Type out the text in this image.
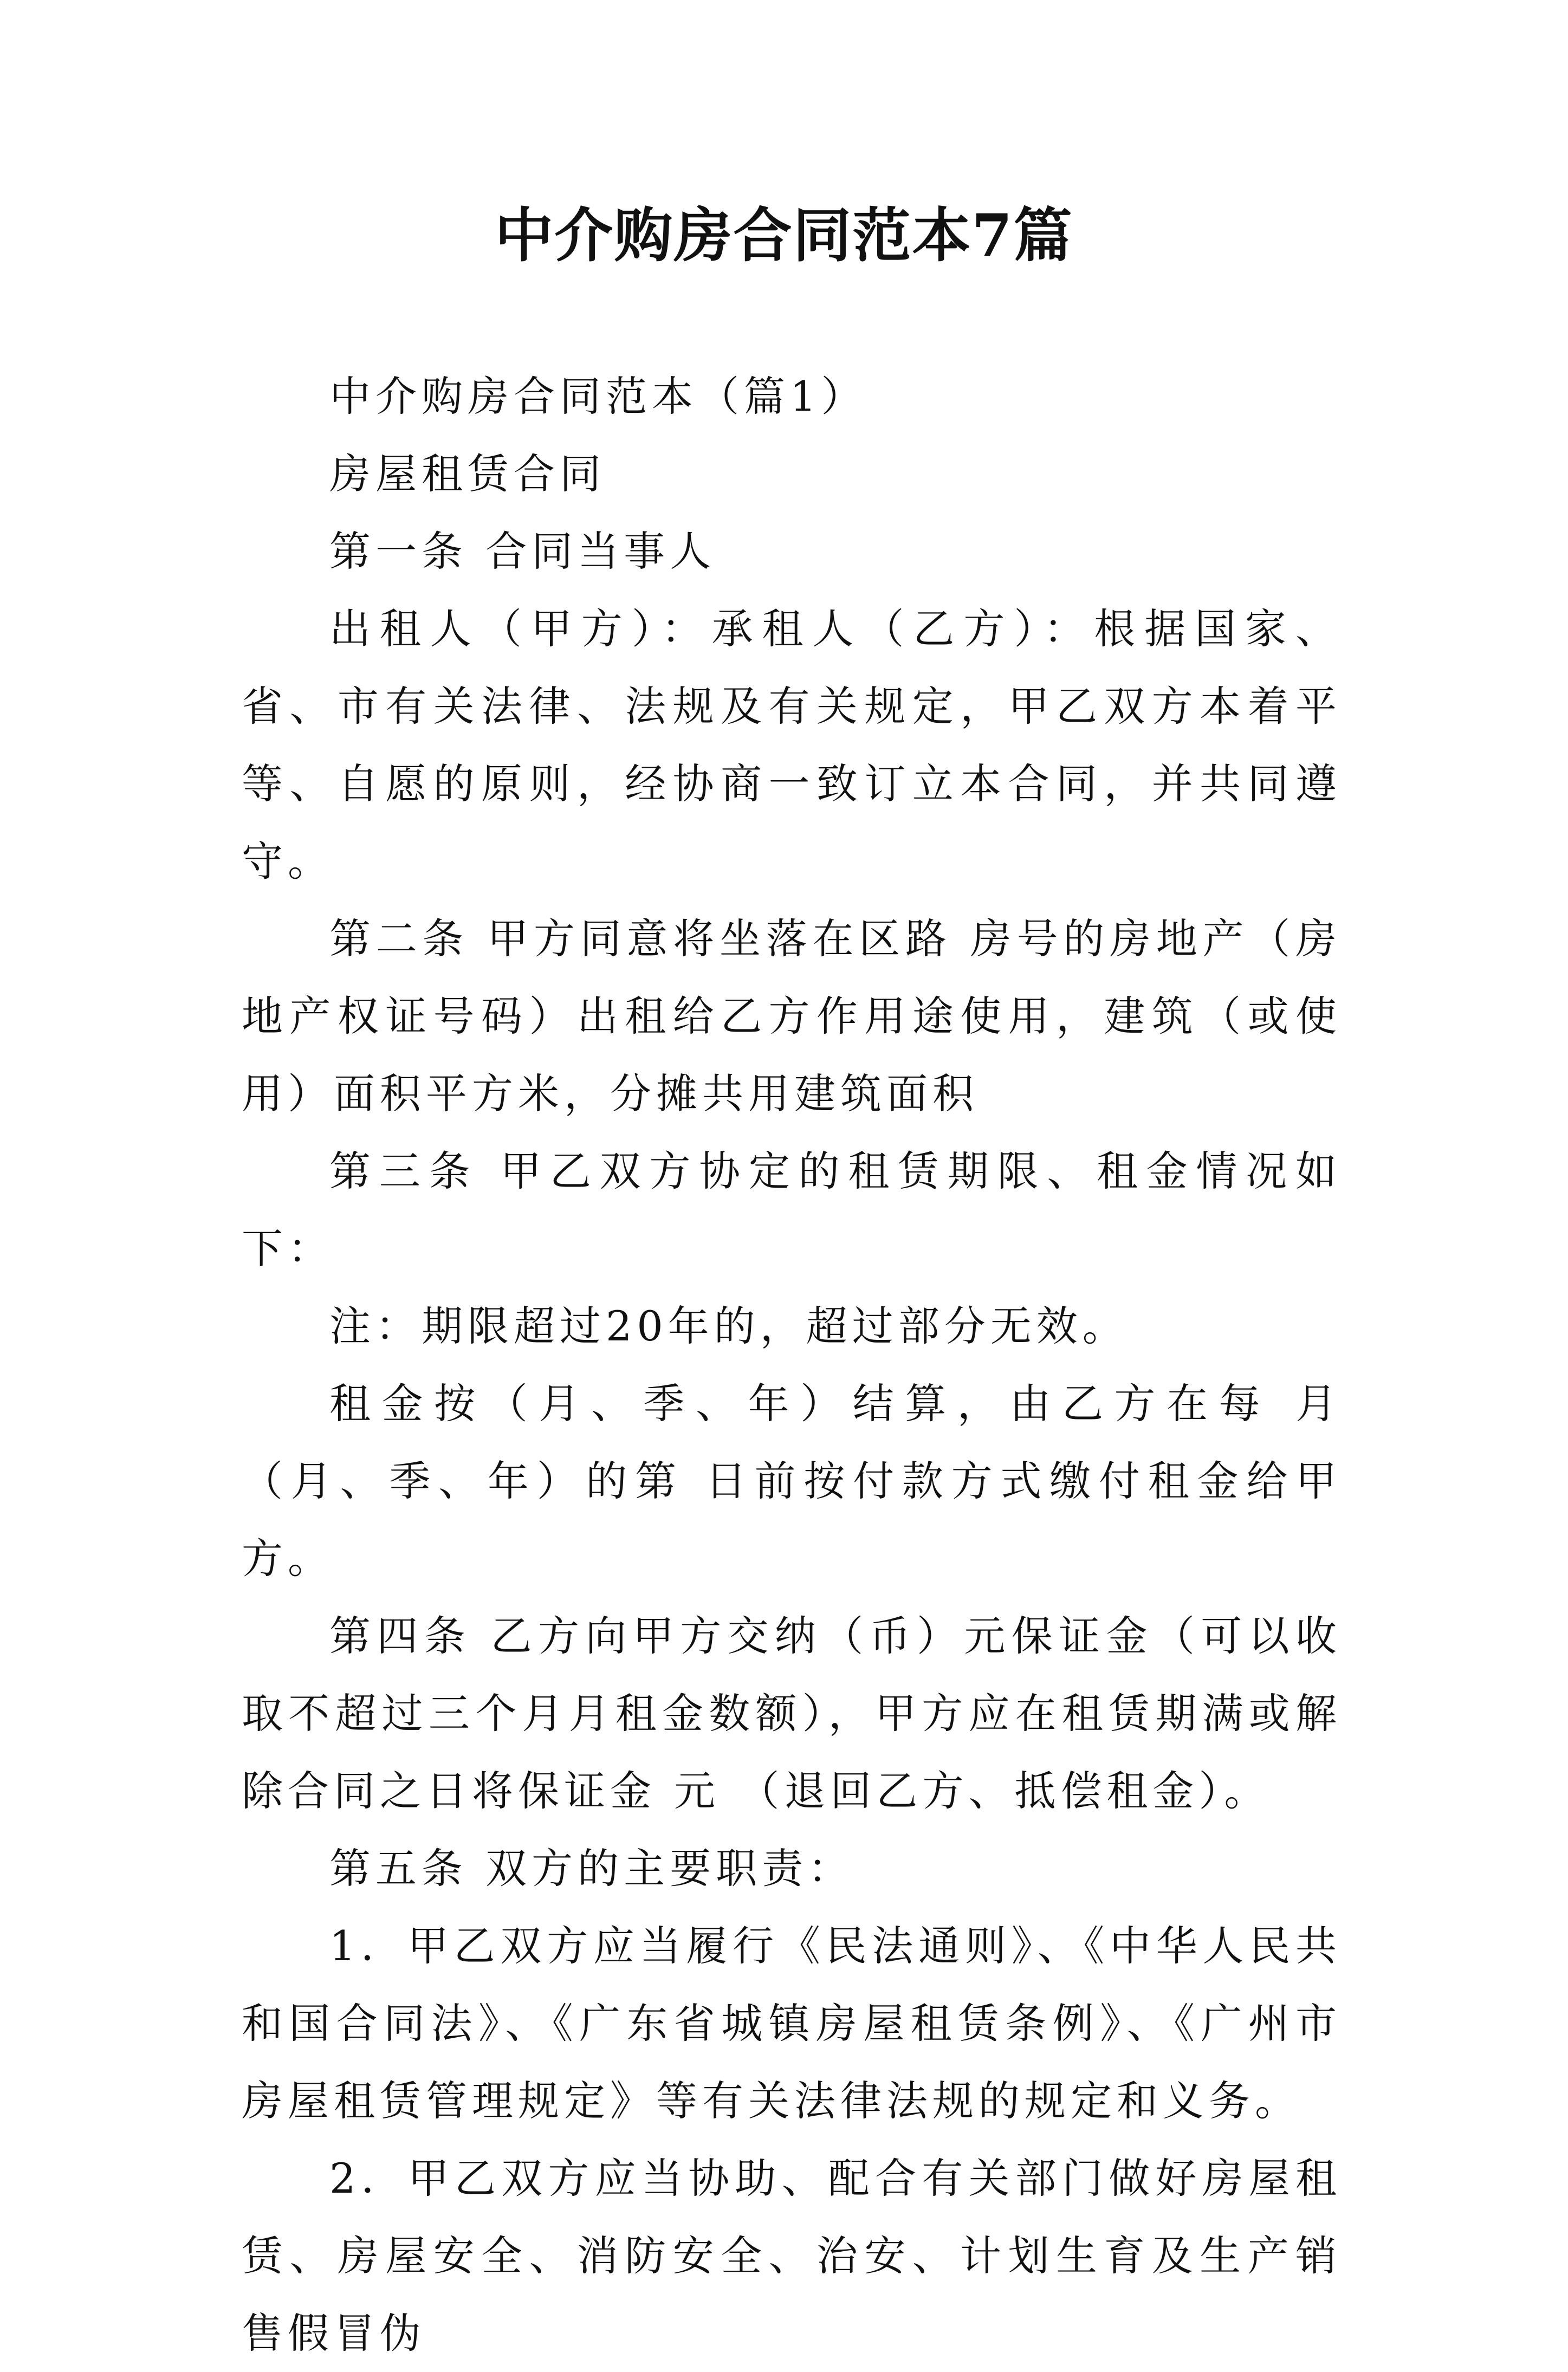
中介购房合同范本7篇

中介购房合同范本（篇1）

房屋租赁合同

第一条 合同当事人

出租人（甲方）：承租人（乙方）：根据国家、省、市有关法律、法规及有关规定，甲乙双方本着平等、自愿的原则，经协商一致订立本合同，并共同遵守。

第二条 甲方同意将坐落在区路 房号的房地产（房地产权证号码）出租给乙方作用途使用，建筑（或使用）面积平方米，分摊共用建筑面积

第三条 甲乙双方协定的租赁期限、租金情况如下：

注：期限超过20年的，超过部分无效。

租金按（月、季、年）结算，由乙方在每 月 （月、季、年）的第 日前按付款方式缴付租金给甲方。

第四条 乙方向甲方交纳（币）元保证金（可以收取不超过三个月月租金数额），甲方应在租赁期满或解除合同之日将保证金 元 （退回乙方、抵偿租金）。

第五条 双方的主要职责：

1．甲乙双方应当履行《民法通则》、《中华人民共和国合同法》、《广东省城镇房屋租赁条例》、《广州市房屋租赁管理规定》等有关法律法规的规定和义务。

2．甲乙双方应当协助、配合有关部门做好房屋租赁、房屋安全、消防安全、治安、计划生育及生产销售假冒伪
